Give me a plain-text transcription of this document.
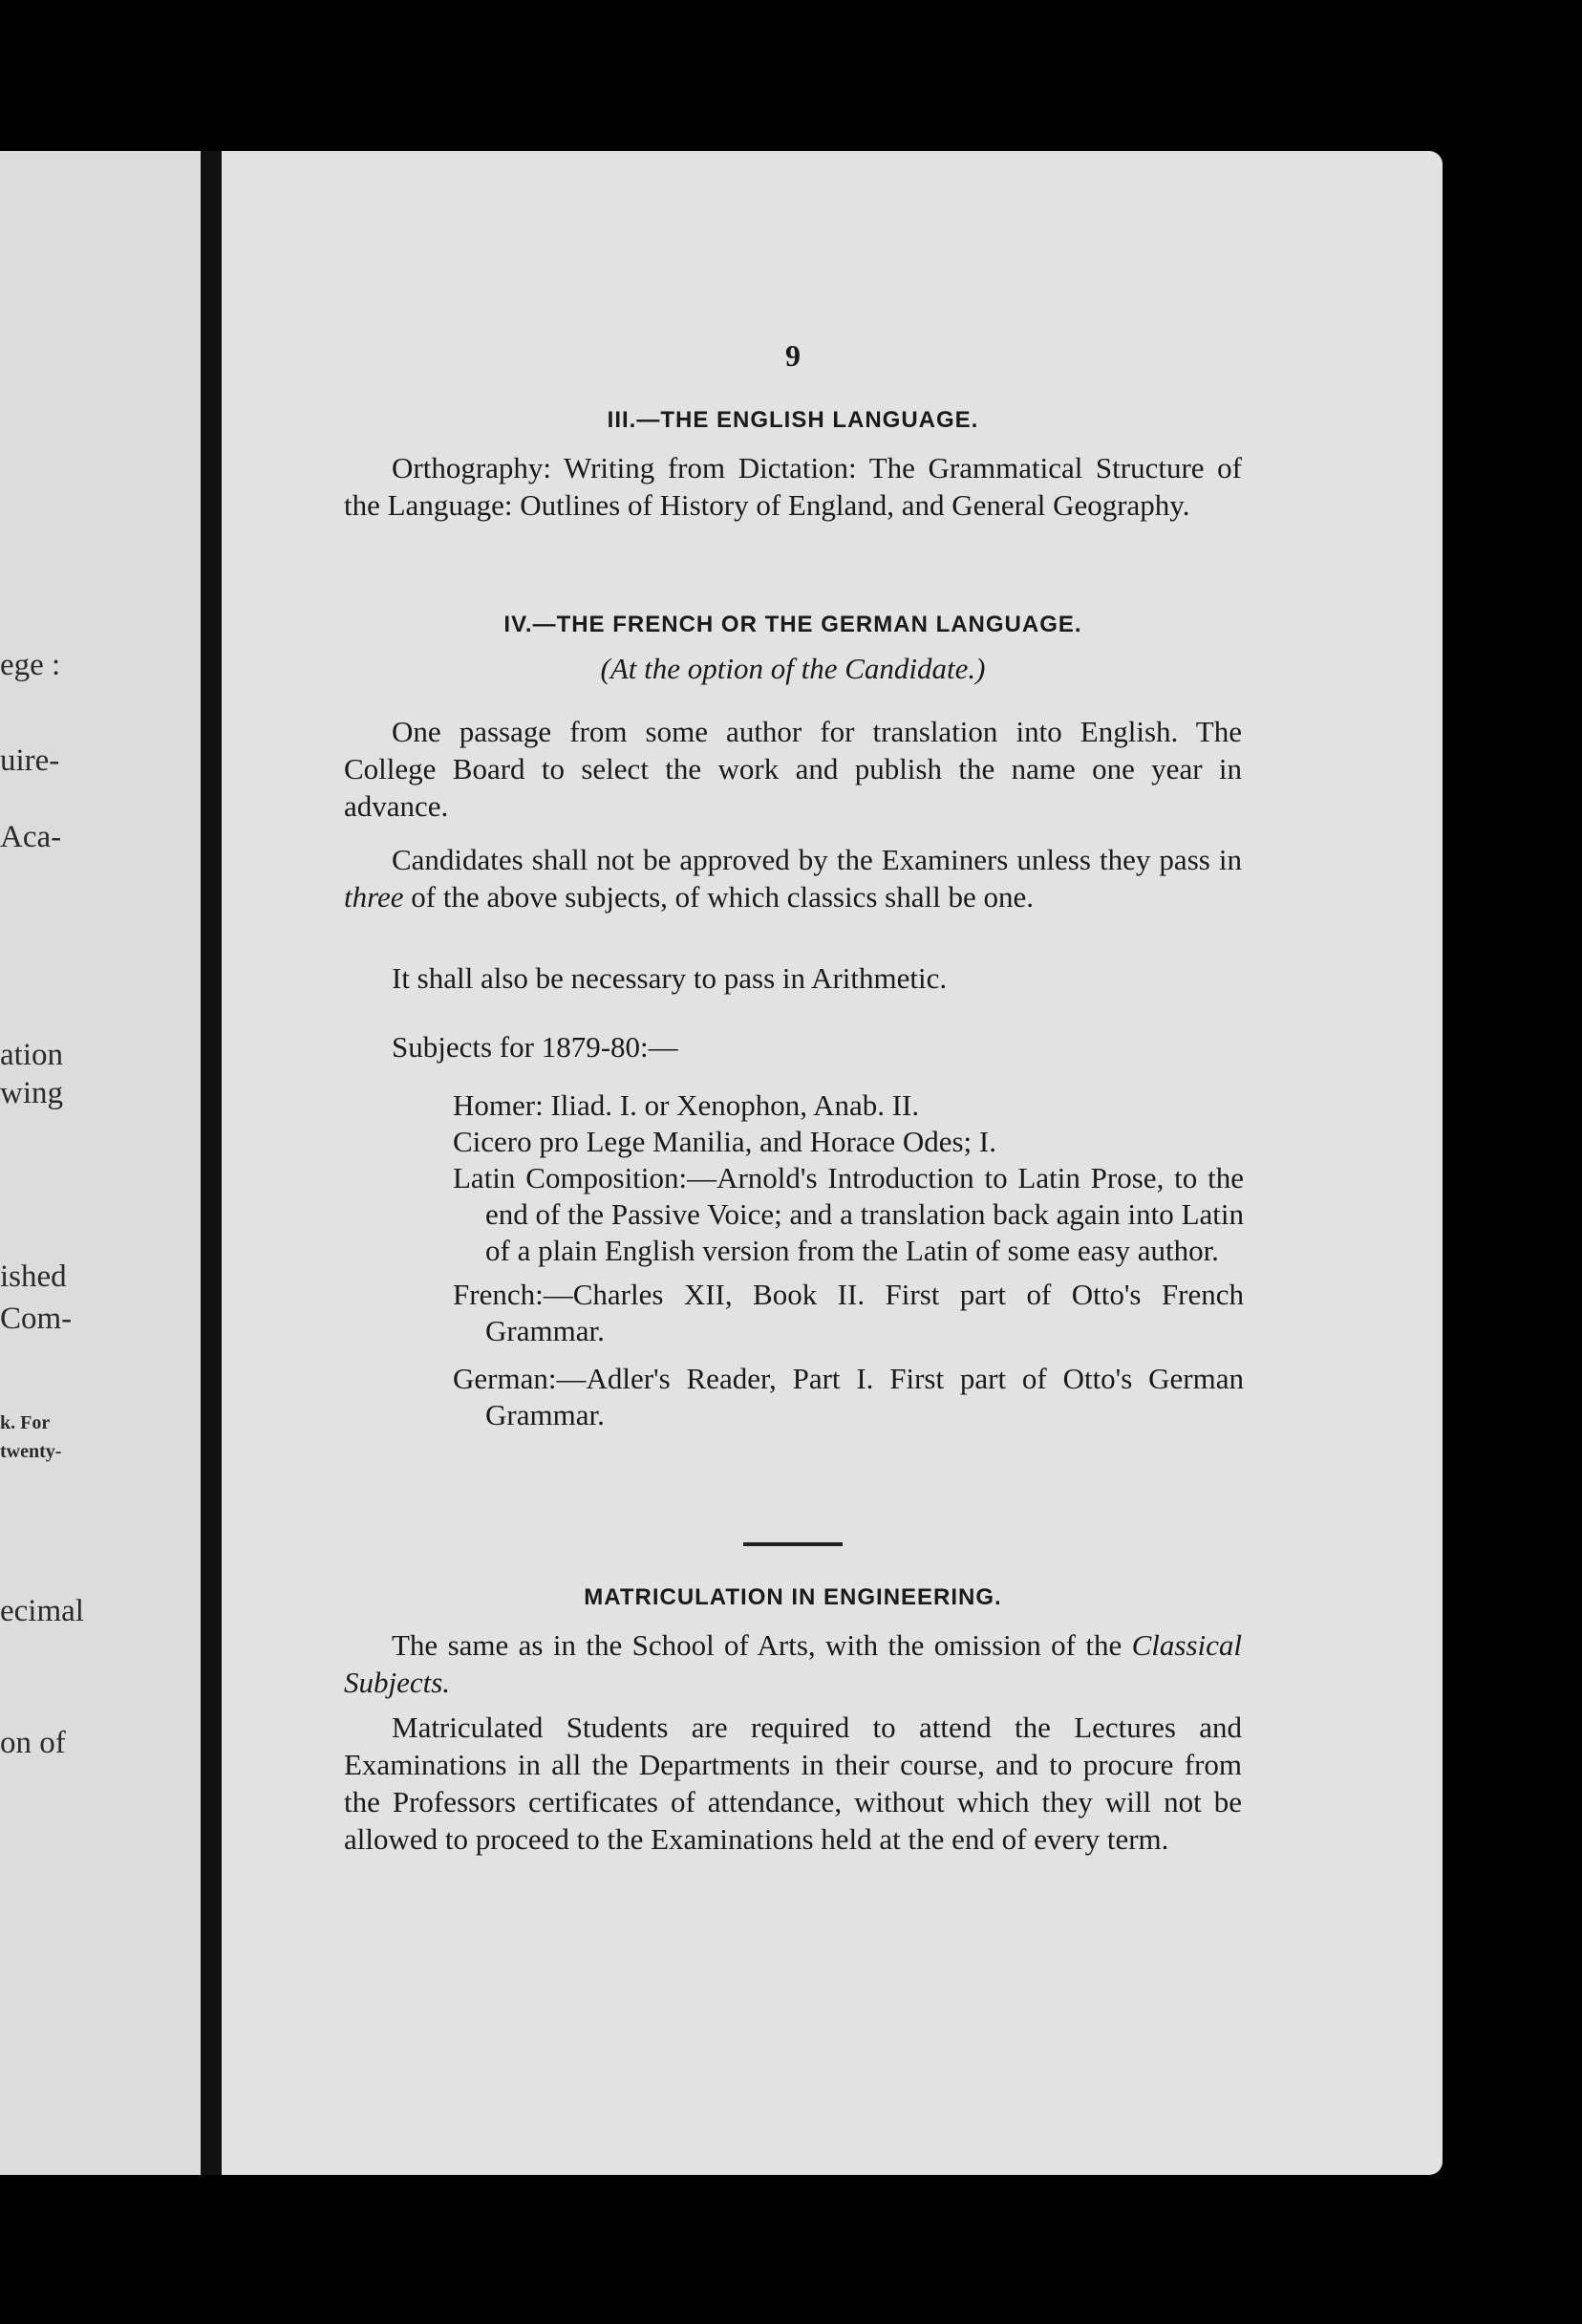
ege :
uire-
Aca-
ation
wing
ished
Com-
k. For
twenty-
ecimal
on of
9
III.—THE ENGLISH LANGUAGE.

Orthography: Writing from Dictation: The Grammatical Structure of the Language: Outlines of History of England, and General Geography.

IV.—THE FRENCH OR THE GERMAN LANGUAGE.
(At the option of the Candidate.)

One passage from some author for translation into English. The College Board to select the work and publish the name one year in advance.

Candidates shall not be approved by the Examiners unless they pass in three of the above subjects, of which classics shall be one.

It shall also be necessary to pass in Arithmetic.

Subjects for 1879-80:—

Homer: Iliad. I. or Xenophon, Anab. II.
Cicero pro Lege Manilia, and Horace Odes; I.
Latin Composition:—Arnold's Introduction to Latin Prose, to the end of the Passive Voice; and a translation back again into Latin of a plain English version from the Latin of some easy author.
French:—Charles XII, Book II. First part of Otto's French Grammar.
German:—Adler's Reader, Part I. First part of Otto's German Grammar.
MATRICULATION IN ENGINEERING.

The same as in the School of Arts, with the omission of the Classical Subjects.

Matriculated Students are required to attend the Lectures and Examinations in all the Departments in their course, and to procure from the Professors certificates of attendance, without which they will not be allowed to proceed to the Examinations held at the end of every term.
